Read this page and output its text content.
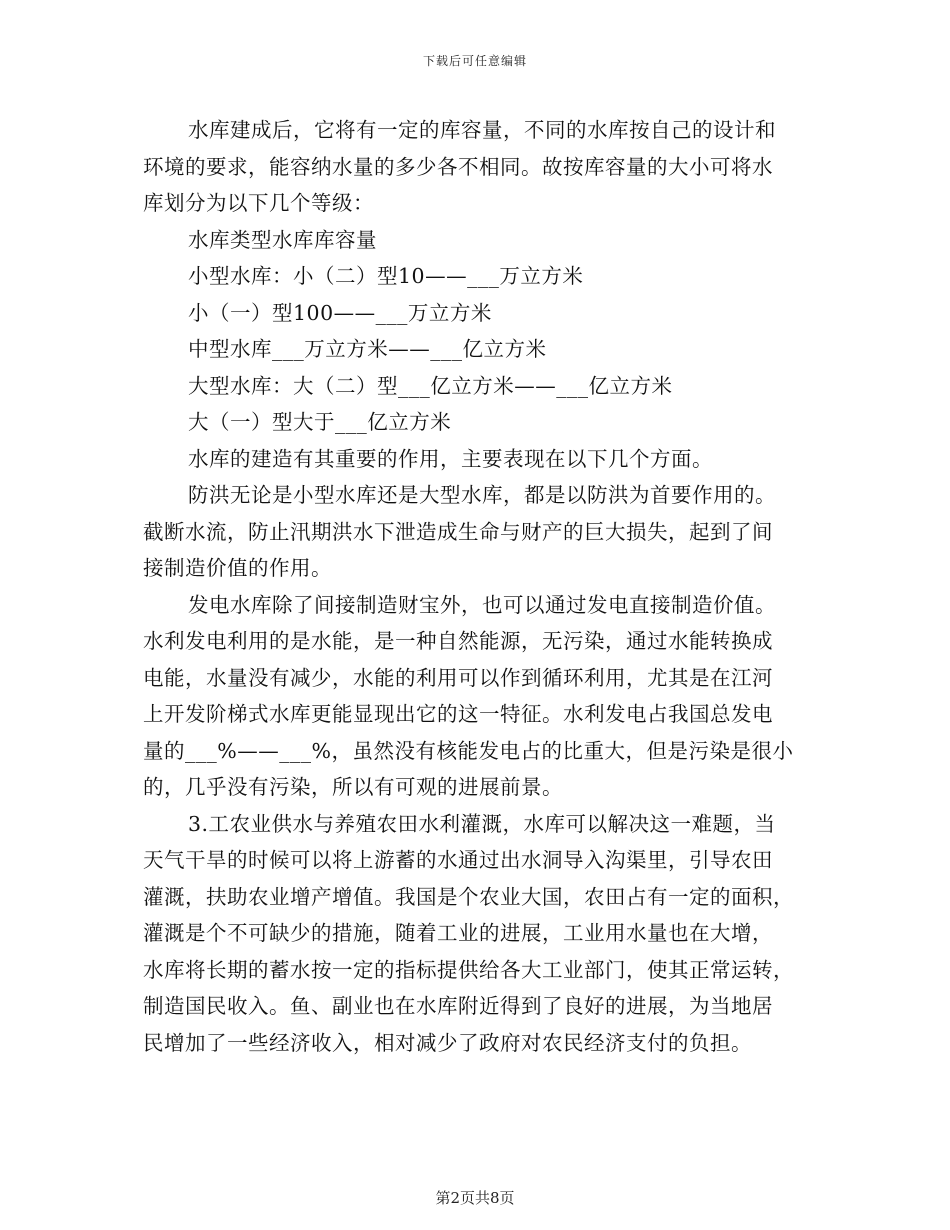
下载后可任意编辑
水库建成后，它将有一定的库容量，不同的水库按自己的设计和
环境的要求，能容纳水量的多少各不相同。故按库容量的大小可将水
库划分为以下几个等级：
水库类型水库库容量
小型水库：小（二）型10——___万立方米
小（一）型100——___万立方米
中型水库___万立方米——___亿立方米
大型水库：大（二）型___亿立方米——___亿立方米
大（一）型大于___亿立方米
水库的建造有其重要的作用，主要表现在以下几个方面。
防洪无论是小型水库还是大型水库，都是以防洪为首要作用的。
截断水流，防止汛期洪水下泄造成生命与财产的巨大损失，起到了间
接制造价值的作用。
发电水库除了间接制造财宝外，也可以通过发电直接制造价值。
水利发电利用的是水能，是一种自然能源，无污染，通过水能转换成
电能，水量没有减少，水能的利用可以作到循环利用，尤其是在江河
上开发阶梯式水库更能显现出它的这一特征。水利发电占我国总发电
量的___%——___%，虽然没有核能发电占的比重大，但是污染是很小
的，几乎没有污染，所以有可观的进展前景。
3.工农业供水与养殖农田水利灌溉，水库可以解决这一难题，当
天气干旱的时候可以将上游蓄的水通过出水洞导入沟渠里，引导农田
灌溉，扶助农业增产增值。我国是个农业大国，农田占有一定的面积，
灌溉是个不可缺少的措施，随着工业的进展，工业用水量也在大增，
水库将长期的蓄水按一定的指标提供给各大工业部门，使其正常运转，
制造国民收入。鱼、副业也在水库附近得到了良好的进展，为当地居
民增加了一些经济收入，相对减少了政府对农民经济支付的负担。
第2页共8页
